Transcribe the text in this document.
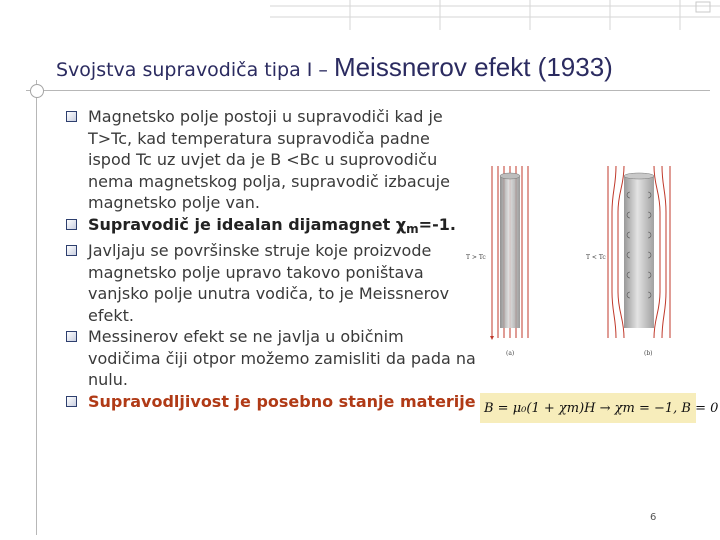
Svojstva supravodiča tipa I – Meissnerov efekt (1933)
Magnetsko polje postoji u supravodiči kad je T>Tc, kad temperatura supravodiča padne ispod Tc uz uvjet da je B <Bc u suprovodiču nema magnetskog polja, supravodič izbacuje magnetsko polje van.
Supravodič je idealan dijamagnet $\chi_m=-1$.
Javljaju se površinske struje koje proizvode magnetsko polje upravo takovo poništava vanjsko polje unutra vodiča, to je Meissnerov efekt.
Messinerov efekt se ne javlja u običnim vodičima čiji otpor možemo zamisliti da pada na nulu.
Supravodljivost je posebno stanje materije
T > Tc	T < Tc
(a)	(b)
B = μ₀(1 + χm)H → χm = −1, B = 0
6
